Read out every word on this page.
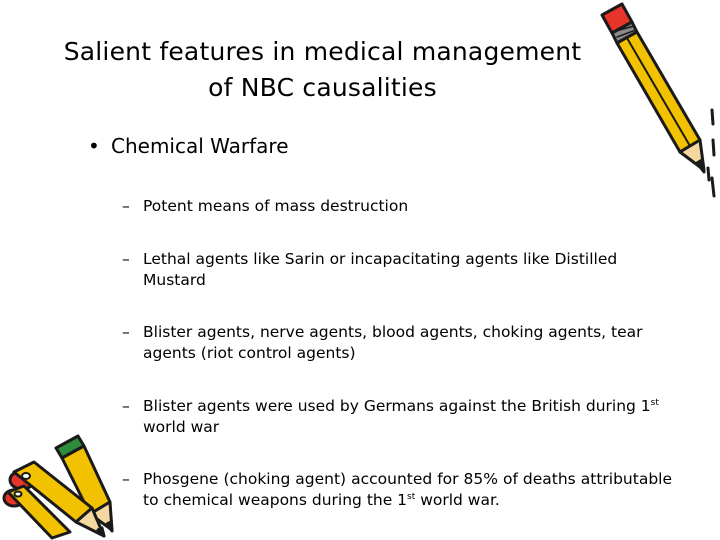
Salient features in medical management
of NBC causalities
• Chemical Warfare
– Potent means of mass destruction
– Lethal agents like Sarin or incapacitating agents like Distilled Mustard
– Blister agents, nerve agents, blood agents, choking agents, tear agents (riot control agents)
– Blister agents were used by Germans against the British during 1st world war
– Phosgene (choking agent) accounted for 85% of deaths attributable to chemical weapons during the 1st world war.
